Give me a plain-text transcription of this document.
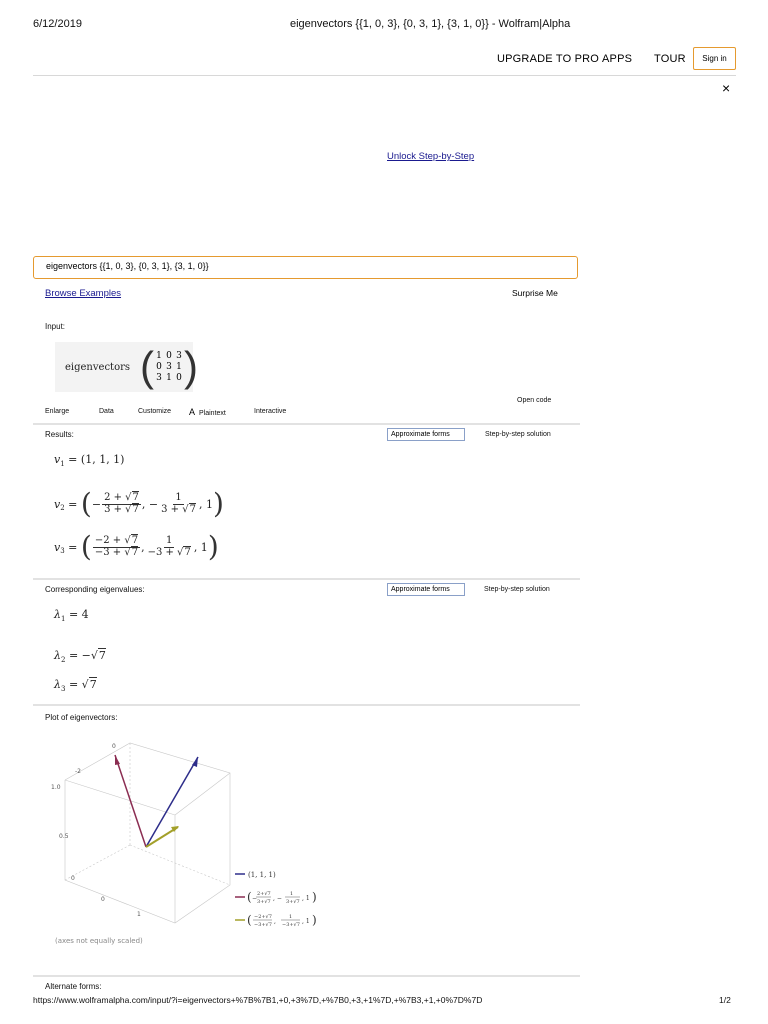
6/12/2019	eigenvectors {{1, 0, 3}, {0, 3, 1}, {3, 1, 0}} - Wolfram|Alpha
UPGRADE TO PRO APPS TOUR Sign in
×
Unlock Step-by-Step
eigenvectors {{1, 0, 3}, {0, 3, 1}, {3, 1, 0}}
Browse Examples	Surprise Me
Input:
eigenvectors ( 1 0 3
0 3 1
3 1 0 )
Enlarge	Data	Customize A Plaintext	Interactive
Open code
Results:	Approximate forms	Step-by-step solution
$v_1 = (1$, 1, 1)
$v_2$ = ( − $\frac{2 + √7}{3 + √7}$ , − $\frac{1}{3 + √7}$ , 1 )
$v_3$ = ( $\frac{-2 + √7}{-3 + √7}$ , $\frac{1}{-3 + √7}$ , 1 )
Corresponding eigenvalues:	Approximate forms	Step-by-step solution
$\lambda_1 = 4$
$\lambda_2 = -√7$
$\lambda_3 = √7$
Plot of eigenvectors:
0
-2
1.0
0.5
0
0
1
(1, 1, 1)
( −
2+√7
3+√7 , −
1
3+√7 , 1 )
( −2+√7
−3+√7 ,
1
−3+√7 , 1 )
(axes not equally scaled)
Alternate forms:
https://www.wolframalpha.com/input/?i=eigenvectors+%7B%7B1,+0,+3%7D,+%7B0,+3,+1%7D,+%7B3,+1,+0%7D%7D	1/2
